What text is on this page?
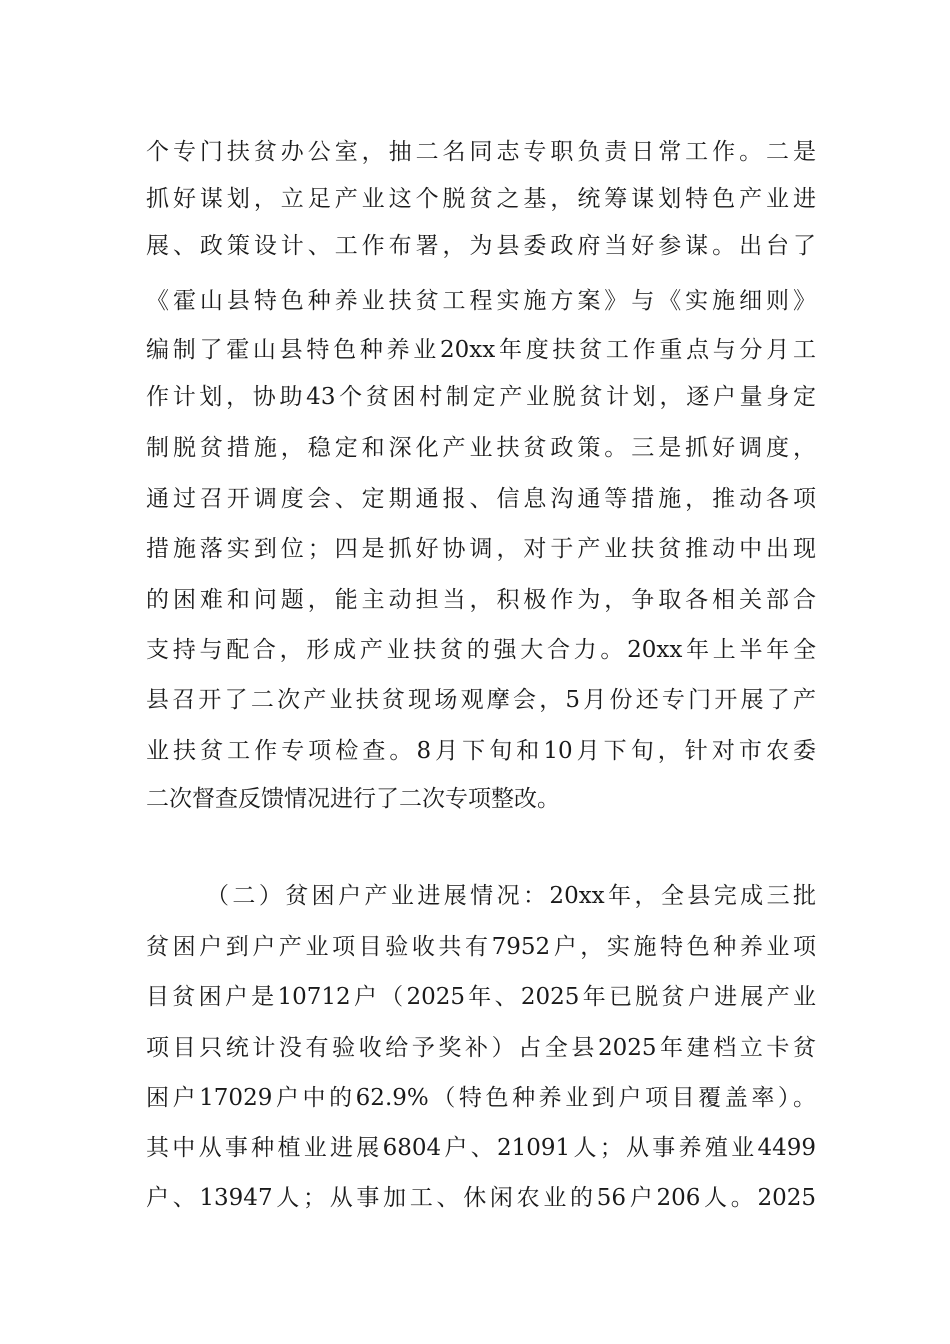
个专门扶贫办公室，抽二名同志专职负责日常工作。二是
抓好谋划，立足产业这个脱贫之基，统筹谋划特色产业进
展、政策设计、工作布署，为县委政府当好参谋。出台了
《霍山县特色种养业扶贫工程实施方案》与《实施细则》
编制了霍山县特色种养业20xx年度扶贫工作重点与分月工
作计划，协助43个贫困村制定产业脱贫计划，逐户量身定
制脱贫措施，稳定和深化产业扶贫政策。三是抓好调度，
通过召开调度会、定期通报、信息沟通等措施，推动各项
措施落实到位；四是抓好协调，对于产业扶贫推动中出现
的困难和问题，能主动担当，积极作为，争取各相关部合
支持与配合，形成产业扶贫的强大合力。20xx年上半年全
县召开了二次产业扶贫现场观摩会，5月份还专门开展了产
业扶贫工作专项检查。8月下旬和10月下旬，针对市农委
二次督查反馈情况进行了二次专项整改。
（二）贫困户产业进展情况：20xx年，全县完成三批
贫困户到户产业项目验收共有7952户，实施特色种养业项
目贫困户是10712户（2025年、2025年已脱贫户进展产业
项目只统计没有验收给予奖补）占全县2025年建档立卡贫
困户17029户中的62.9%（特色种养业到户项目覆盖率）。
其中从事种植业进展6804户、21091人；从事养殖业4499
户、13947人；从事加工、休闲农业的56户206人。2025
